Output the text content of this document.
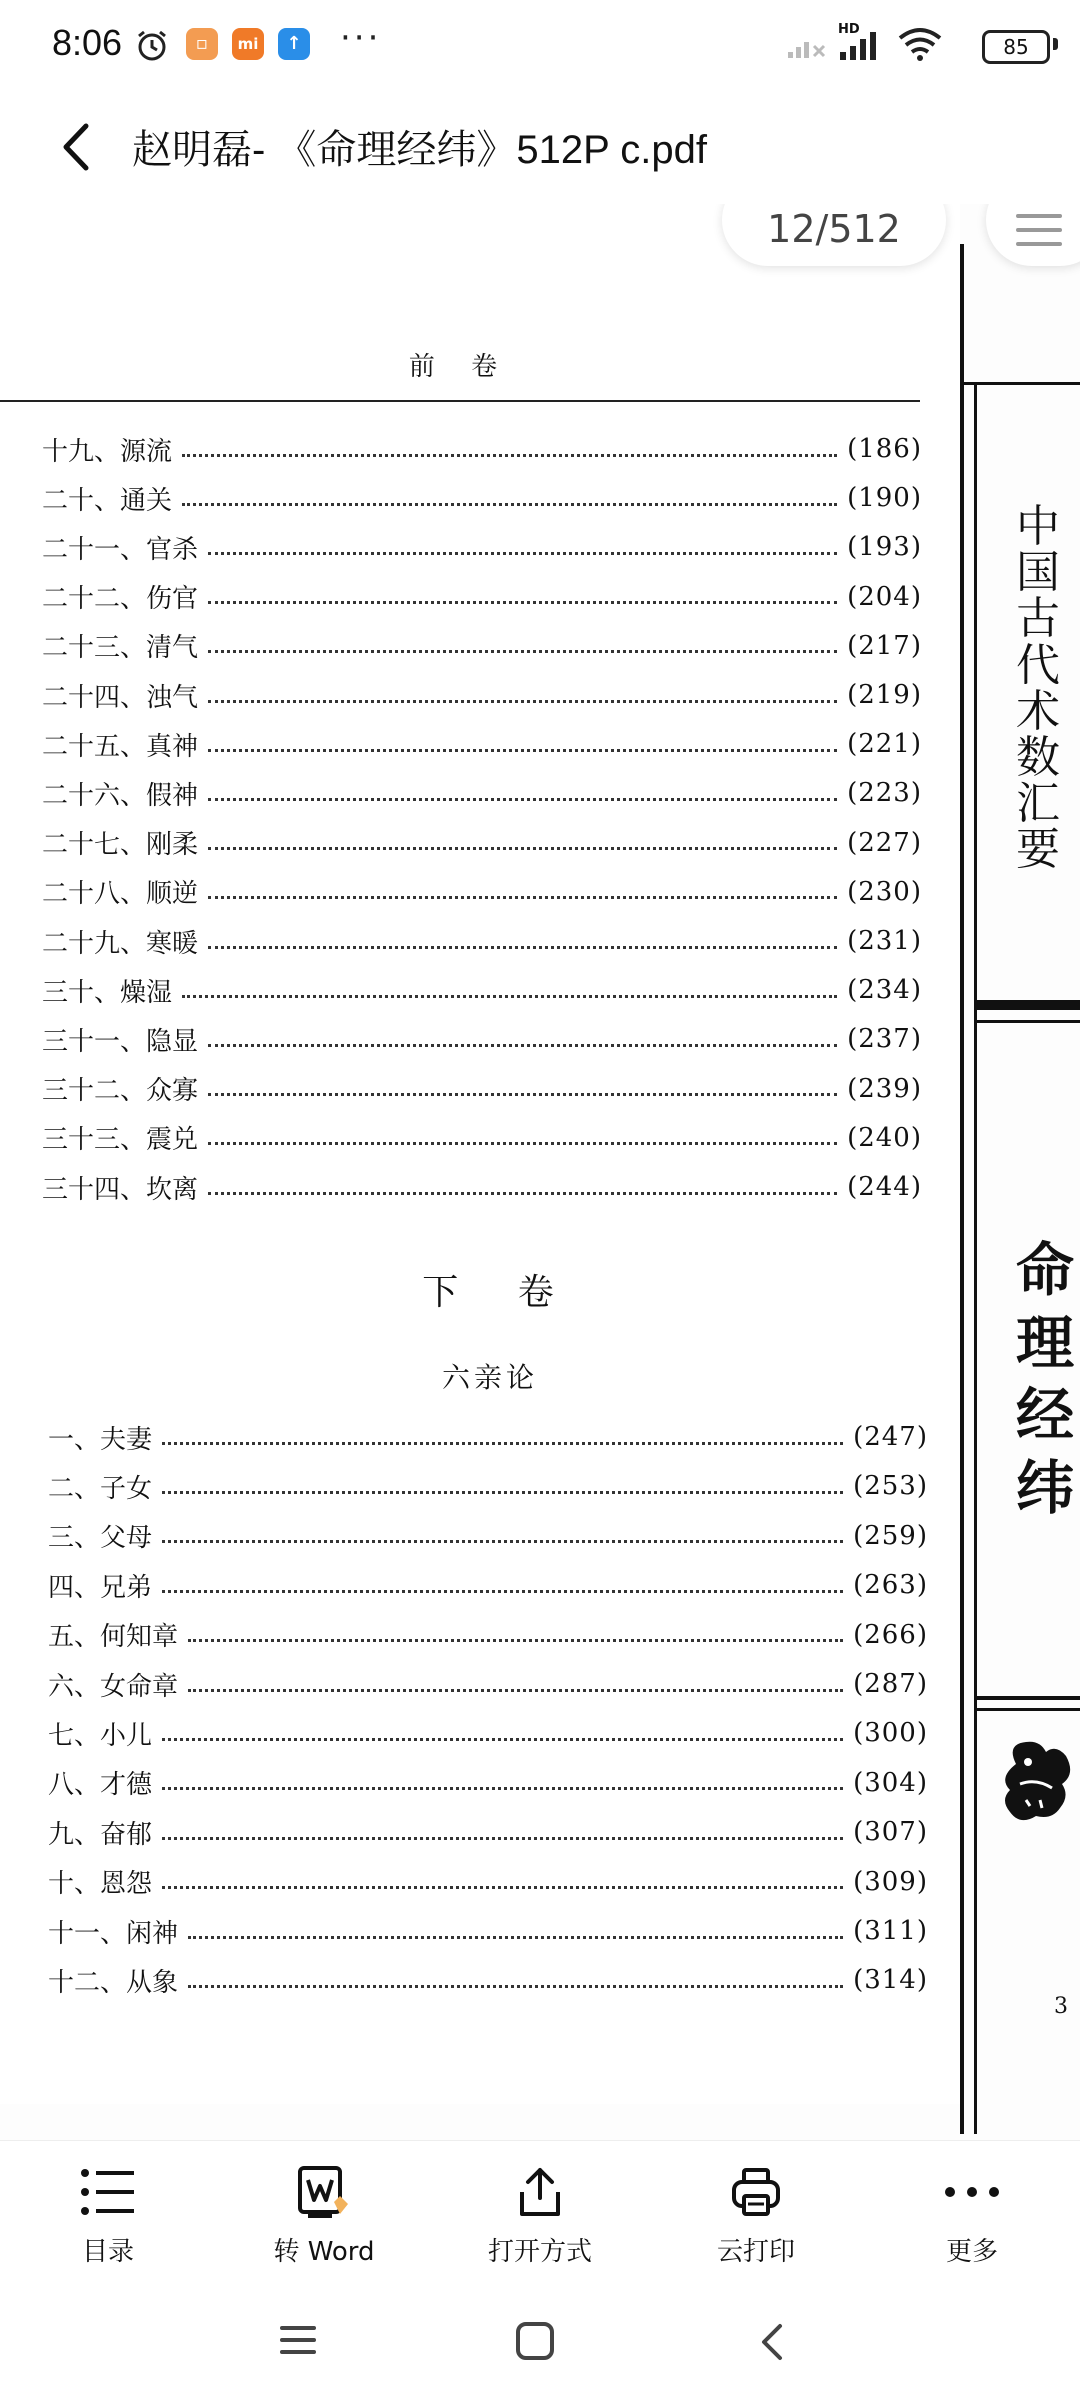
8:06	▫	mi	↑ ···	HD
85
赵明磊- 《命理经纬》512P c.pdf
前 卷
十九、源流	(186)
二十、通关	(190)
二十一、官杀	(193)
二十二、伤官	(204)
二十三、清气	(217)
二十四、浊气	(219)
二十五、真神	(221)
二十六、假神	(223)
二十七、刚柔	(227)
二十八、顺逆	(230)
二十九、寒暖	(231)
三十、燥湿	(234)
三十一、隐显	(237)
三十二、众寡	(239)
三十三、震兑	(240)
三十四、坎离	(244)
下 卷
六亲论
一、夫妻	(247)
二、子女	(253)
三、父母	(259)
四、兄弟	(263)
五、何知章	(266)
六、女命章	(287)
七、小儿	(300)
八、才德	(304)
九、奋郁	(307)
十、恩怨	(309)
十一、闲神	(311)
十二、从象	(314)
中
国
古
代
术
数
汇
要
命
理
经
纬
3
12/512
目录	转 Word	打开方式	云打印	更多
